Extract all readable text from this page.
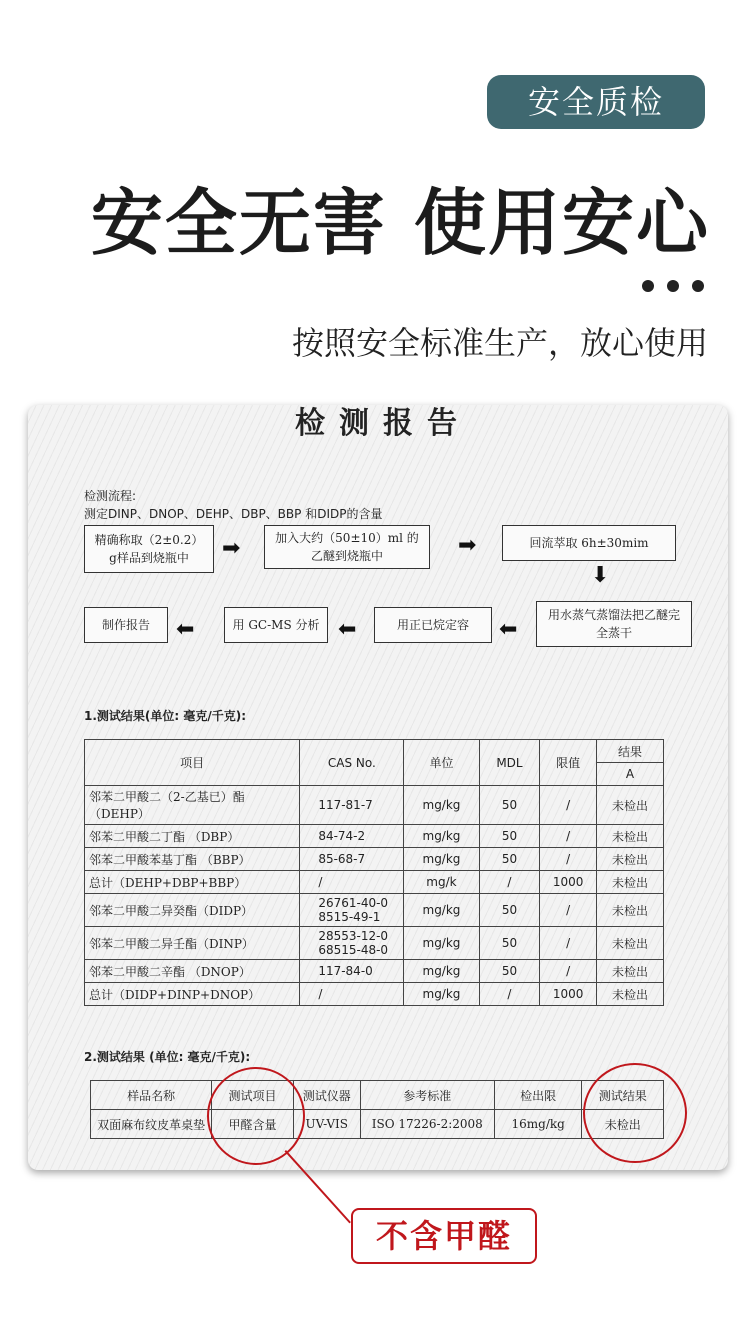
安全质检
安全无害 使用安心
按照安全标准生产，放心使用
检测报告
检测流程:
测定DINP、DNOP、DEHP、DBP、BBP 和DIDP的含量
精确称取（2±0.2）g样品到烧瓶中	➡	加入大约（50±10）ml 的乙醚到烧瓶中	➡	回流萃取 6h±30mim
⬇
用水蒸气蒸馏法把乙醚完全蒸干
⬅
用正已烷定容
⬅
用 GC-MS 分析
⬅
制作报告
1.测试结果(单位: 毫克/千克):
项目	CAS No.	单位	MDL	限值	结果
					A
邻苯二甲酸二（2-乙基已）酯（DEHP）	117-81-7	mg/kg	50	/	未检出
邻苯二甲酸二丁酯 （DBP）	84-74-2	mg/kg	50	/	未检出
邻苯二甲酸苯基丁酯 （BBP）	85-68-7	mg/kg	50	/	未检出
总计（DEHP+DBP+BBP）	/	mg/k	/	1000	未检出
邻苯二甲酸二异癸酯（DIDP）	26761-40-0 8515-49-1	mg/kg	50	/	未检出
邻苯二甲酸二异壬酯（DINP）	28553-12-0 68515-48-0	mg/kg	50	/	未检出
邻苯二甲酸二辛酯 （DNOP）	117-84-0	mg/kg	50	/	未检出
总计（DIDP+DINP+DNOP）	/	mg/kg	/	1000	未检出
2.测试结果 (单位: 毫克/千克):
样品名称	测试项目	测试仪器	参考标准	检出限	测试结果
双面麻布纹皮革桌垫	甲醛含量	UV-VIS	ISO 17226-2:2008	16mg/kg	未检出
不含甲醛
